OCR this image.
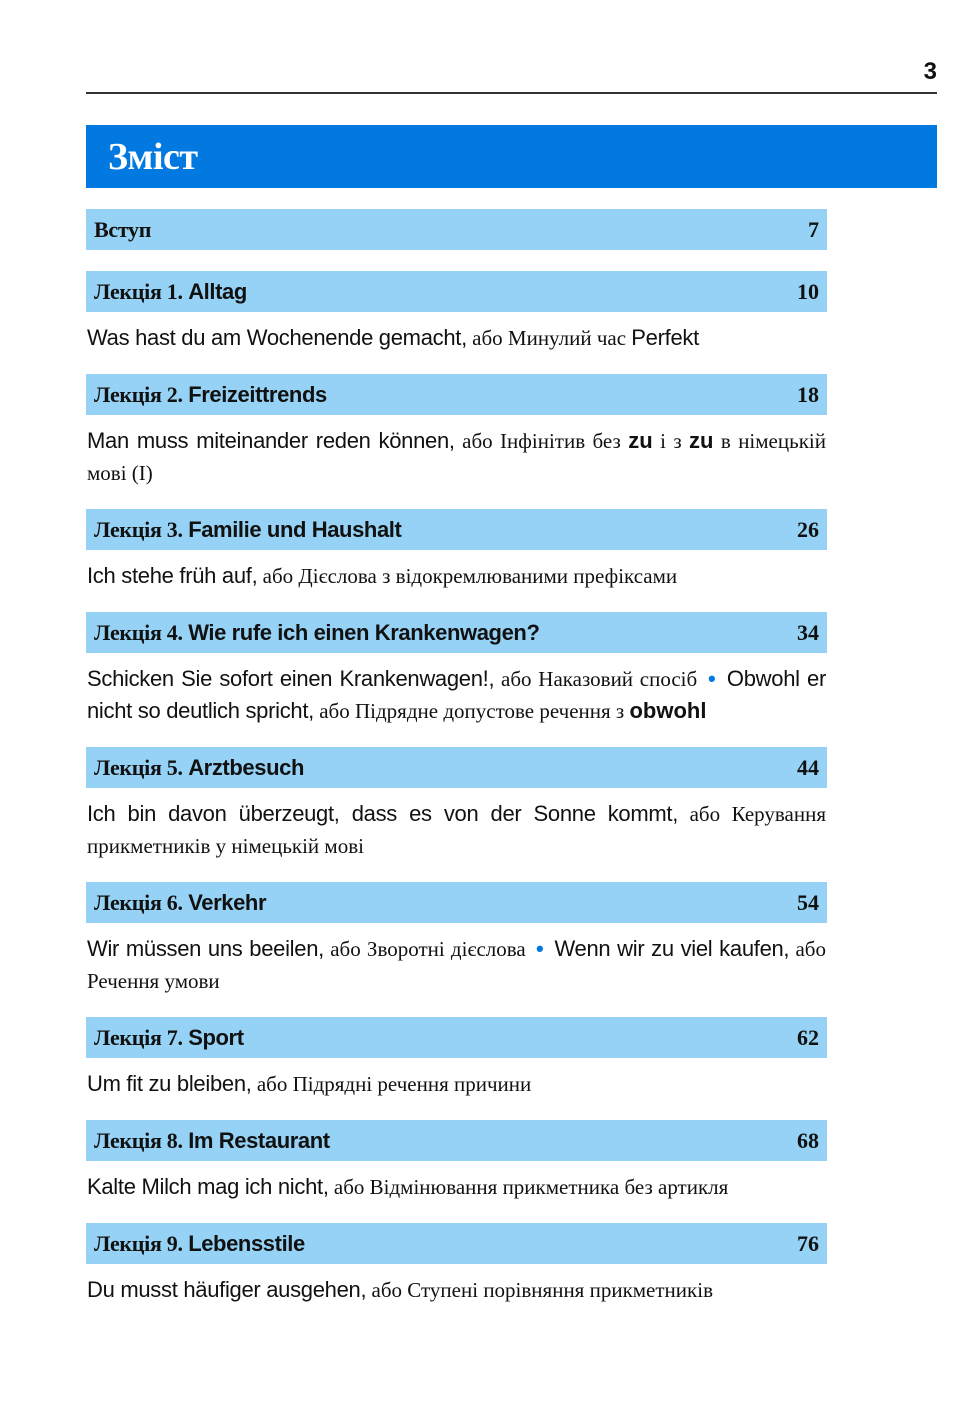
3
Зміст
Вступ	7
Лекція 1. Alltag	10
Was hast du am Wochenende gemacht, або Минулий час Perfekt
Лекція 2. Freizeittrends	18
Man muss miteinander reden können, або Інфінітив без zu і з zu в німецькій мові (I)
Лекція 3. Familie und Haushalt	26
Ich stehe früh auf, або Дієслова з відокремлюваними префіксами
Лекція 4. Wie rufe ich einen Krankenwagen?	34
Schicken Sie sofort einen Krankenwagen!, або Наказовий спосіб • Obwohl er nicht so deutlich spricht, або Підрядне допустове речення з obwohl
Лекція 5. Arztbesuch	44
Ich bin davon überzeugt, dass es von der Sonne kommt, або Керування прикметників у німецькій мові
Лекція 6. Verkehr	54
Wir müssen uns beeilen, або Зворотні дієслова • Wenn wir zu viel kaufen, або Речення умови
Лекція 7. Sport	62
Um fit zu bleiben, або Підрядні речення причини
Лекція 8. Im Restaurant	68
Kalte Milch mag ich nicht, або Відмінювання прикметника без артикля
Лекція 9. Lebensstile	76
Du musst häufiger ausgehen, або Ступені порівняння прикметників
